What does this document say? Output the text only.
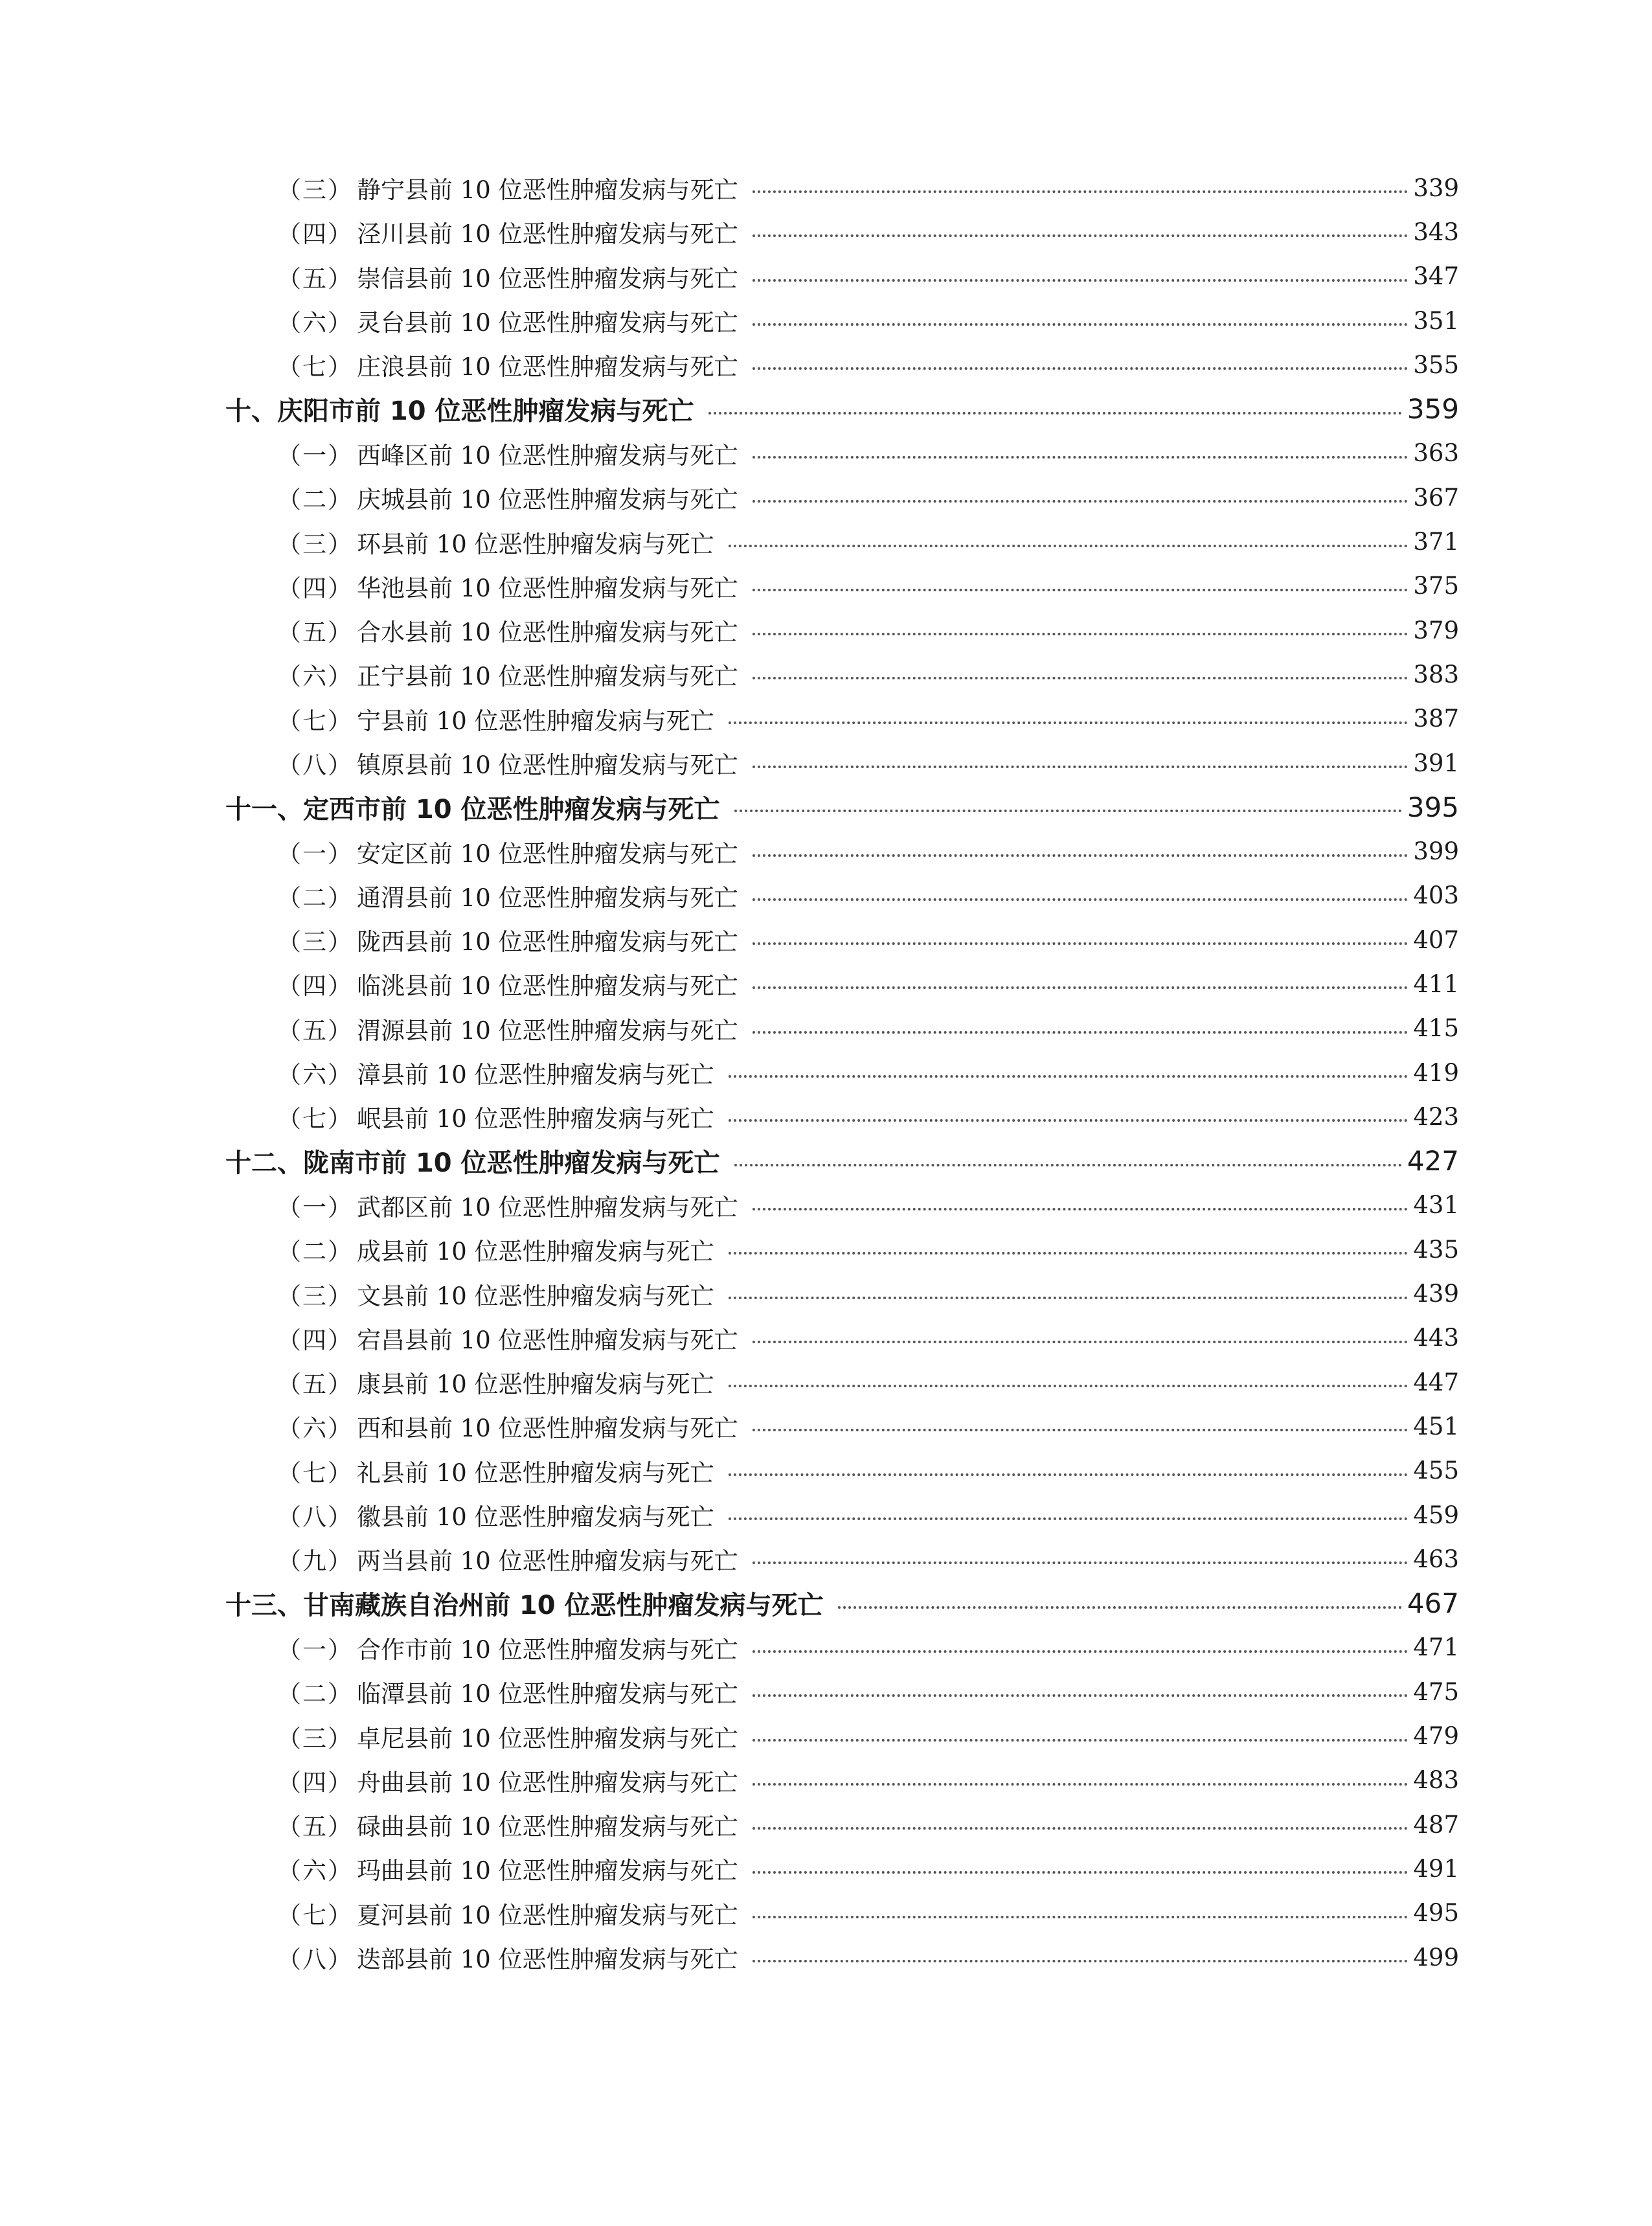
（三） 静宁县前 10 位恶性肿瘤发病与死亡	339
（四） 泾川县前 10 位恶性肿瘤发病与死亡	343
（五） 崇信县前 10 位恶性肿瘤发病与死亡	347
（六） 灵台县前 10 位恶性肿瘤发病与死亡	351
（七） 庄浪县前 10 位恶性肿瘤发病与死亡	355
十、 庆阳市前 10 位恶性肿瘤发病与死亡	359
（一） 西峰区前 10 位恶性肿瘤发病与死亡	363
（二） 庆城县前 10 位恶性肿瘤发病与死亡	367
（三） 环县前 10 位恶性肿瘤发病与死亡	371
（四） 华池县前 10 位恶性肿瘤发病与死亡	375
（五） 合水县前 10 位恶性肿瘤发病与死亡	379
（六） 正宁县前 10 位恶性肿瘤发病与死亡	383
（七） 宁县前 10 位恶性肿瘤发病与死亡	387
（八） 镇原县前 10 位恶性肿瘤发病与死亡	391
十一、 定西市前 10 位恶性肿瘤发病与死亡	395
（一） 安定区前 10 位恶性肿瘤发病与死亡	399
（二） 通渭县前 10 位恶性肿瘤发病与死亡	403
（三） 陇西县前 10 位恶性肿瘤发病与死亡	407
（四） 临洮县前 10 位恶性肿瘤发病与死亡	411
（五） 渭源县前 10 位恶性肿瘤发病与死亡	415
（六） 漳县前 10 位恶性肿瘤发病与死亡	419
（七） 岷县前 10 位恶性肿瘤发病与死亡	423
十二、 陇南市前 10 位恶性肿瘤发病与死亡	427
（一） 武都区前 10 位恶性肿瘤发病与死亡	431
（二） 成县前 10 位恶性肿瘤发病与死亡	435
（三） 文县前 10 位恶性肿瘤发病与死亡	439
（四） 宕昌县前 10 位恶性肿瘤发病与死亡	443
（五） 康县前 10 位恶性肿瘤发病与死亡	447
（六） 西和县前 10 位恶性肿瘤发病与死亡	451
（七） 礼县前 10 位恶性肿瘤发病与死亡	455
（八） 徽县前 10 位恶性肿瘤发病与死亡	459
（九） 两当县前 10 位恶性肿瘤发病与死亡	463
十三、 甘南藏族自治州前 10 位恶性肿瘤发病与死亡	467
（一） 合作市前 10 位恶性肿瘤发病与死亡	471
（二） 临潭县前 10 位恶性肿瘤发病与死亡	475
（三） 卓尼县前 10 位恶性肿瘤发病与死亡	479
（四） 舟曲县前 10 位恶性肿瘤发病与死亡	483
（五） 碌曲县前 10 位恶性肿瘤发病与死亡	487
（六） 玛曲县前 10 位恶性肿瘤发病与死亡	491
（七） 夏河县前 10 位恶性肿瘤发病与死亡	495
（八） 迭部县前 10 位恶性肿瘤发病与死亡	499
